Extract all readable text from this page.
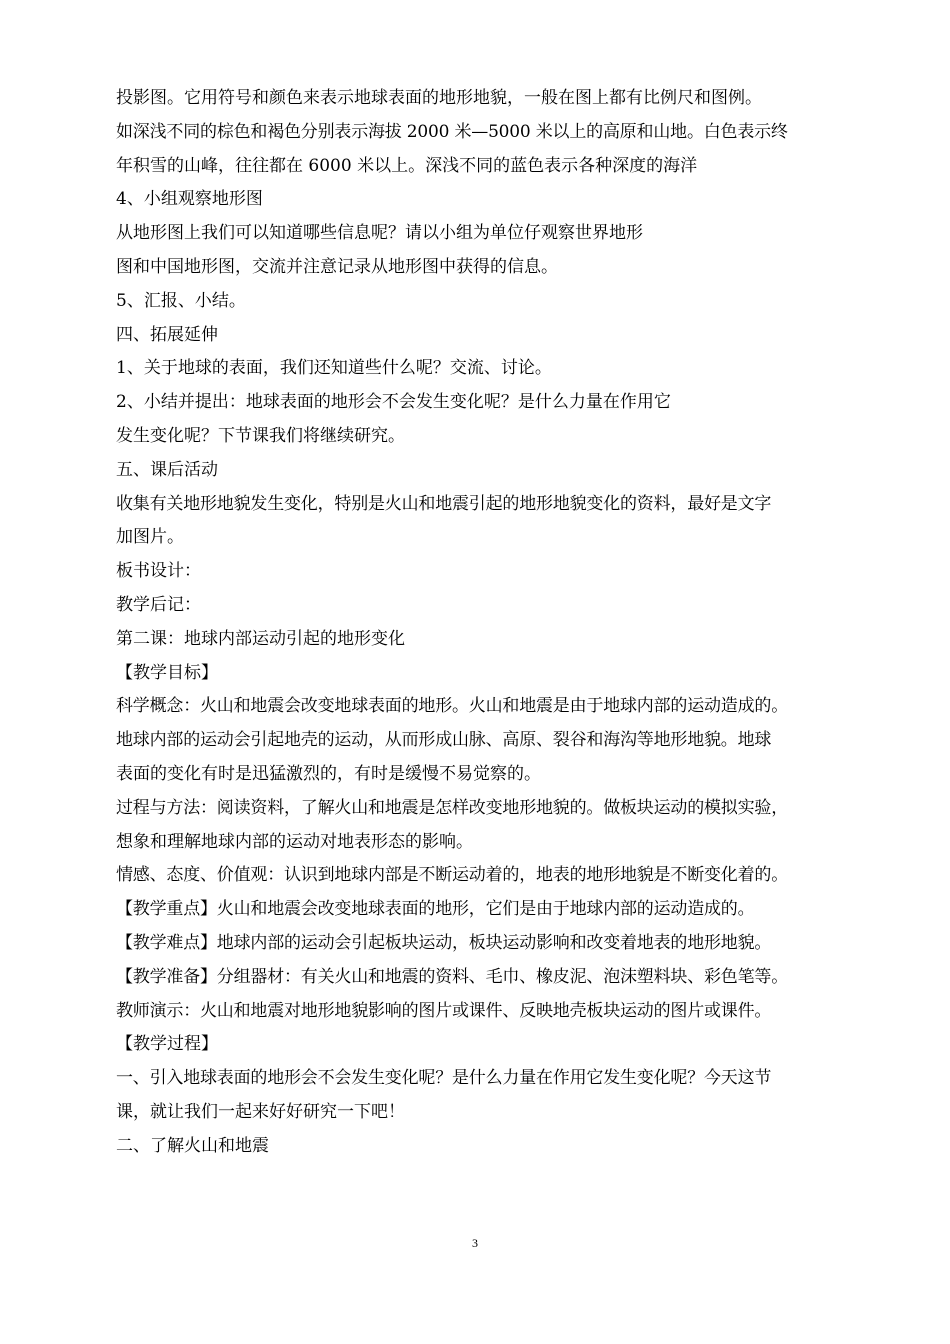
投影图。它用符号和颜色来表示地球表面的地形地貌，一般在图上都有比例尺和图例。
如深浅不同的棕色和褐色分别表示海拔 2000 米—5000 米以上的高原和山地。白色表示终
年积雪的山峰，往往都在 6000 米以上。深浅不同的蓝色表示各种深度的海洋
4、小组观察地形图
从地形图上我们可以知道哪些信息呢？请以小组为单位仔观察世界地形
图和中国地形图，交流并注意记录从地形图中获得的信息。
5、汇报、小结。
四、拓展延伸
1、关于地球的表面，我们还知道些什么呢？交流、讨论。
2、小结并提出：地球表面的地形会不会发生变化呢？是什么力量在作用它
发生变化呢？下节课我们将继续研究。
五、课后活动
收集有关地形地貌发生变化，特别是火山和地震引起的地形地貌变化的资料，最好是文字
加图片。
板书设计：
教学后记：
第二课：地球内部运动引起的地形变化
【教学目标】
科学概念：火山和地震会改变地球表面的地形。火山和地震是由于地球内部的运动造成的。
地球内部的运动会引起地壳的运动，从而形成山脉、高原、裂谷和海沟等地形地貌。地球
表面的变化有时是迅猛激烈的，有时是缓慢不易觉察的。
过程与方法：阅读资料，了解火山和地震是怎样改变地形地貌的。做板块运动的模拟实验，
想象和理解地球内部的运动对地表形态的影响。
情感、态度、价值观：认识到地球内部是不断运动着的，地表的地形地貌是不断变化着的。
【教学重点】火山和地震会改变地球表面的地形，它们是由于地球内部的运动造成的。
【教学难点】地球内部的运动会引起板块运动，板块运动影响和改变着地表的地形地貌。
【教学准备】分组器材：有关火山和地震的资料、毛巾、橡皮泥、泡沫塑料块、彩色笔等。
教师演示：火山和地震对地形地貌影响的图片或课件、反映地壳板块运动的图片或课件。
【教学过程】
一、引入地球表面的地形会不会发生变化呢？是什么力量在作用它发生变化呢？今天这节
课，就让我们一起来好好研究一下吧！
二、了解火山和地震
3
